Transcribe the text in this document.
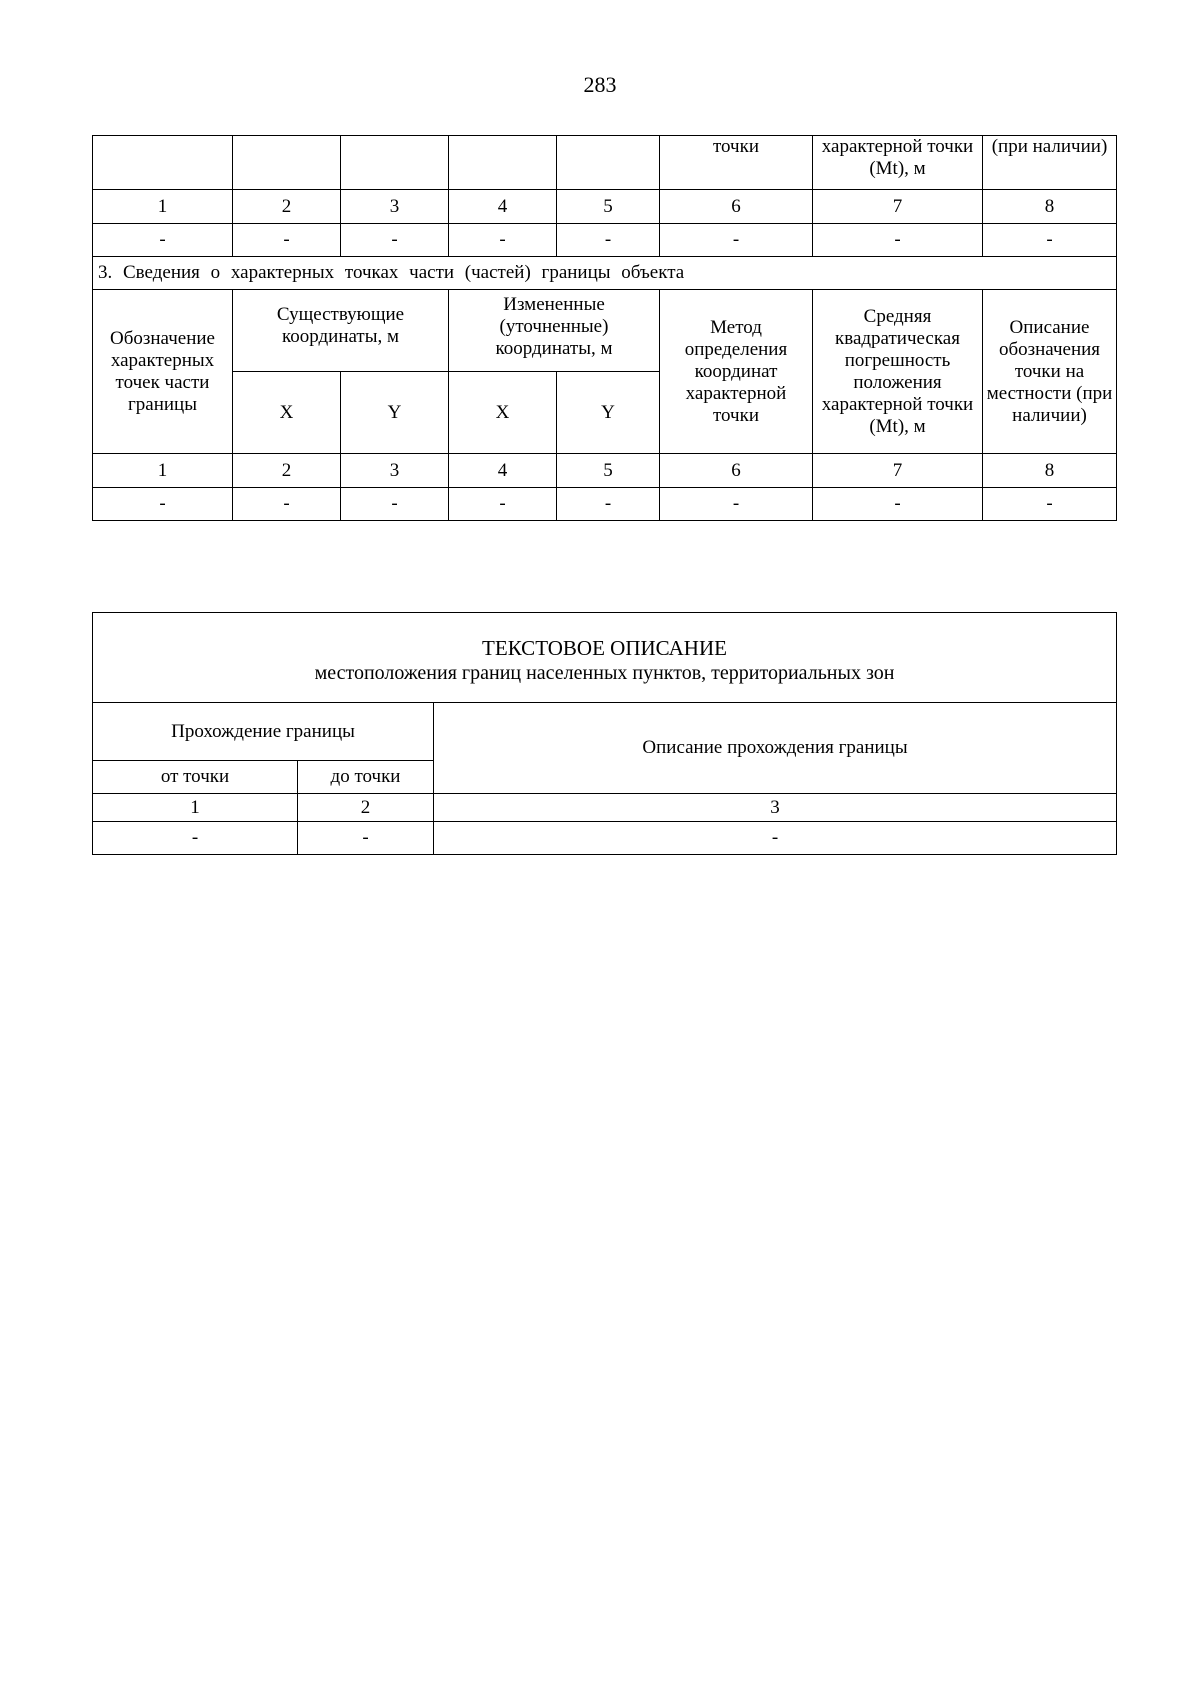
283
					точки	характерной точки (Mt), м	(при наличии)
1	2	3	4	5	6	7	8
-	-	-	-	-	-	-	-
3. Сведения о характерных точках части (частей) границы объекта							
Обозначение характерных точек части границы	Существующие координаты, м		Измененные (уточненные) координаты, м		Метод определения координат характерной точки	Средняя квадратическая погрешность положения характерной точки (Mt), м	Описание обозначения точки на местности (при наличии)
	X	Y	X	Y			
1	2	3	4	5	6	7	8
-	-	-	-	-	-	-	-
ТЕКСТОВОЕ ОПИСАНИЕ
местоположения границ населенных пунктов, территориальных зон		

Прохождение границы		Описание прохождения границы
от точки	до точки	
1	2	3
-	-	-
